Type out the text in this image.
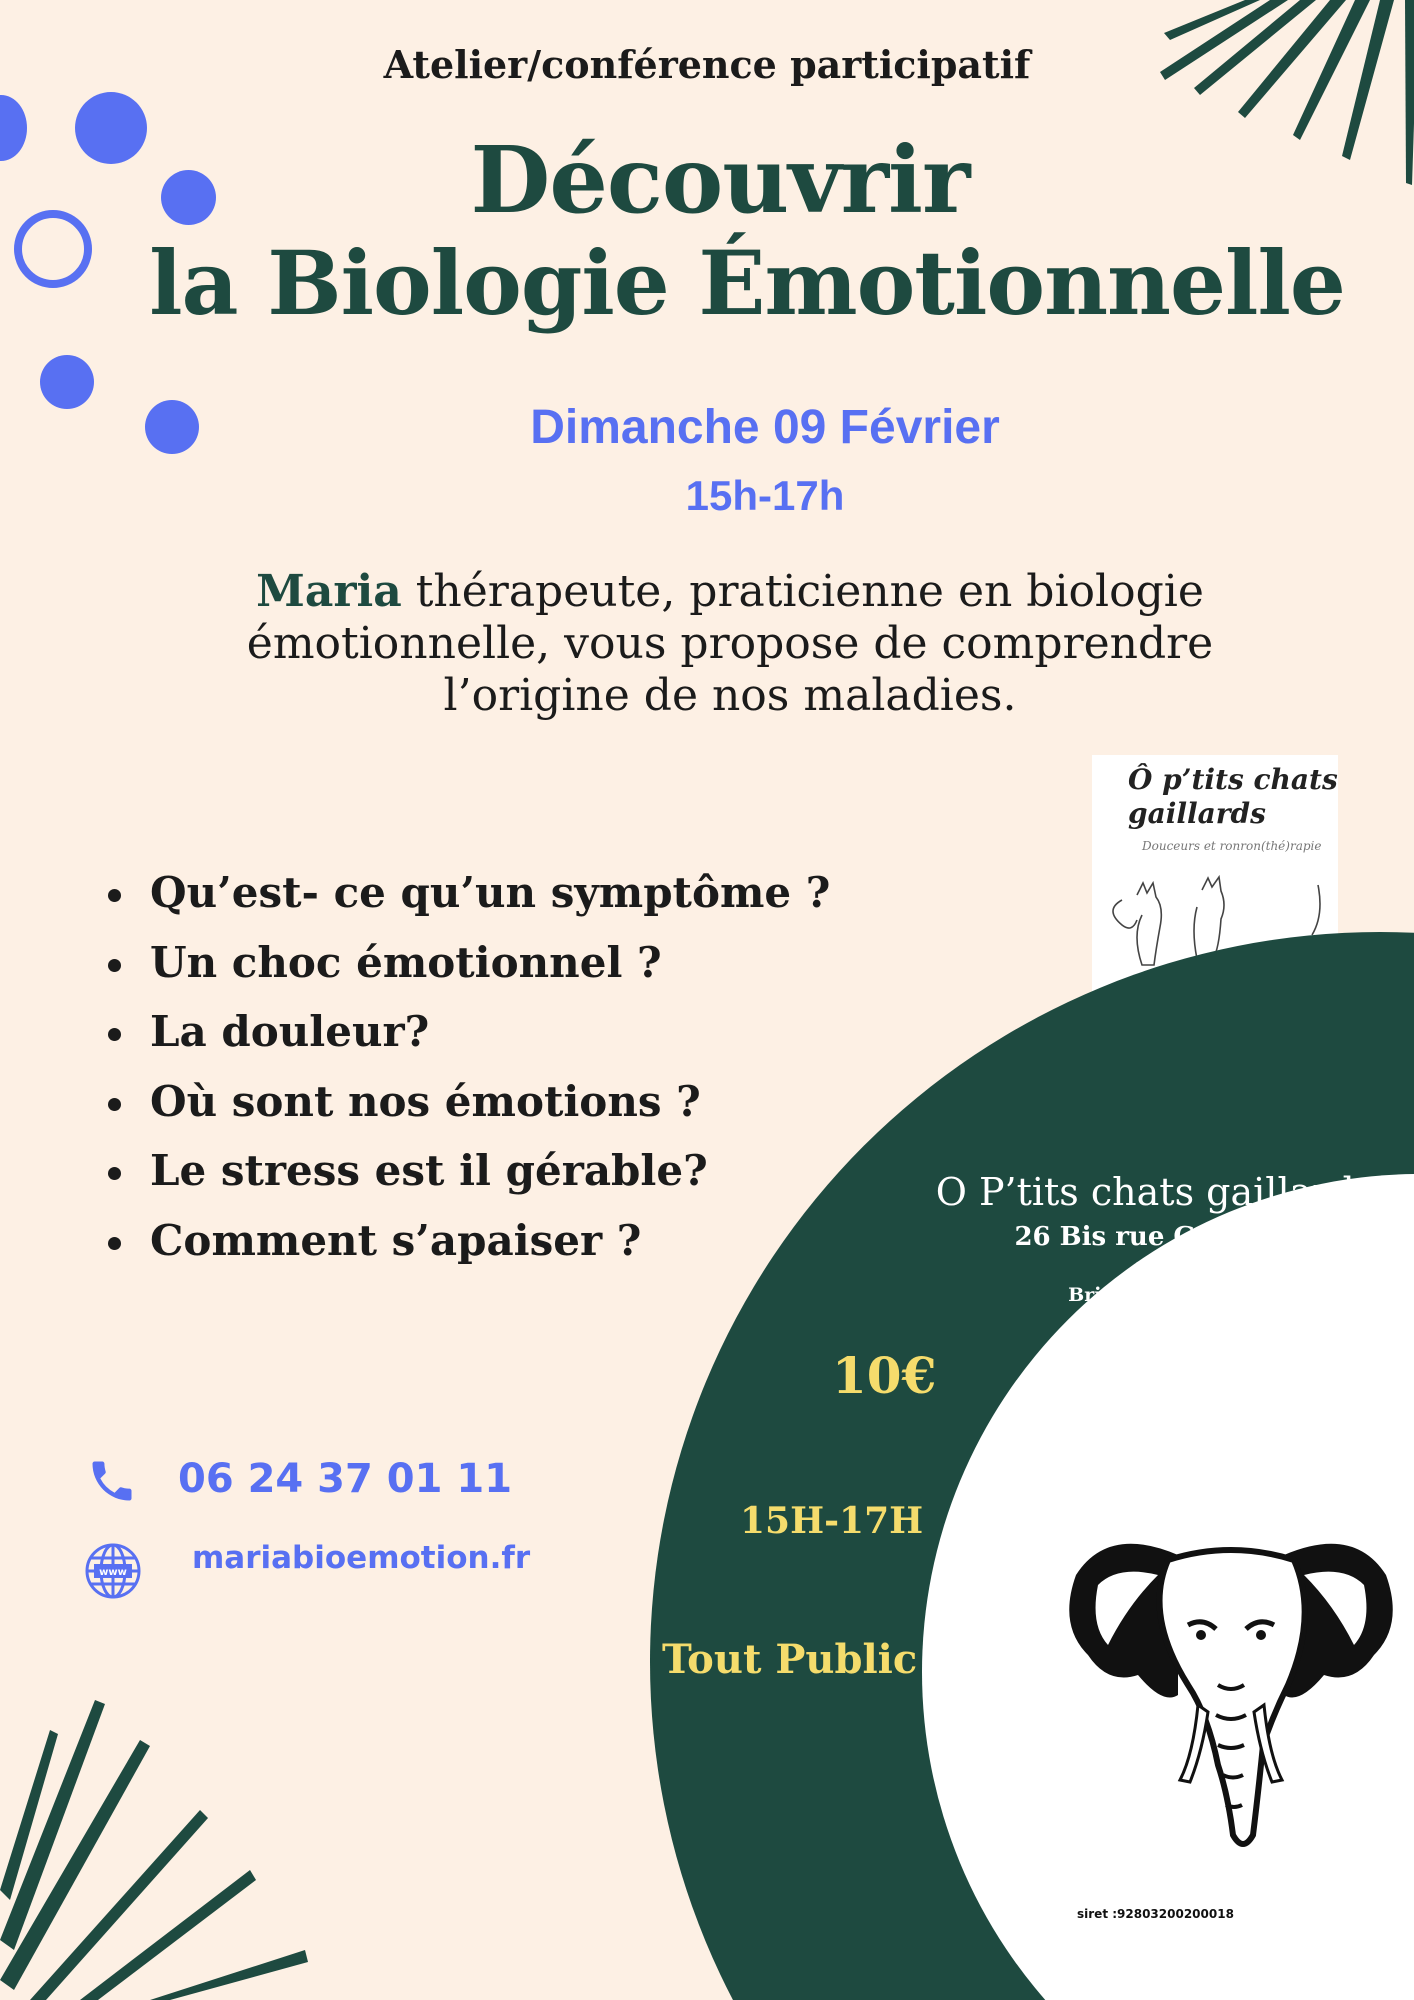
Atelier/conférence participatif
Découvrir
la Biologie Émotionnelle
Dimanche 09 Février
15h-17h
Maria thérapeute, praticienne en biologie émotionnelle, vous propose de comprendre l’origine de nos maladies.
Ô p’tits chats
gaillards
Douceurs et ronron(thé)rapie
Qu’est- ce qu’un symptôme ?
Un choc émotionnel ?
La douleur?
Où sont nos émotions ?
Le stress est il gérable?
Comment s’apaiser ?
O P’tits chats gaillards
26 Bis rue Gambetta
19100
Brive la Gaillarde.
10€
15H-17H
Tout Public
siret :92803200200018
06 24 37 01 11
www mariabioemotion.fr
